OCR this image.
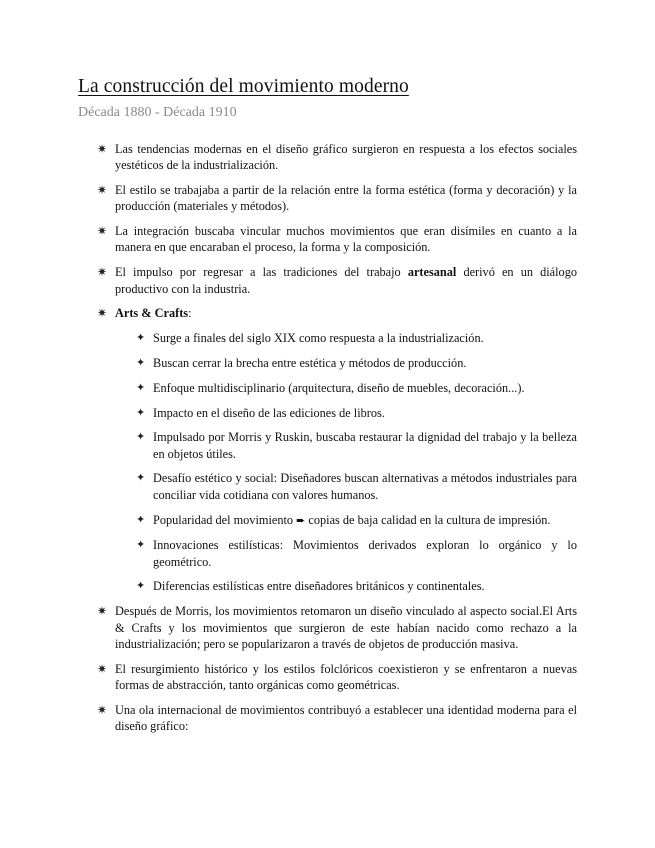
La construcción del movimiento moderno

Década 1880 - Década 1910

✷ Las tendencias modernas en el diseño gráfico surgieron en respuesta a los efectos sociales yestéticos de la industrialización.
✷ El estilo se trabajaba a partir de la relación entre la forma estética (forma y decoración) y la producción (materiales y métodos).
✷ La integración buscaba vincular muchos movimientos que eran disímiles en cuanto a la manera en que encaraban el proceso, la forma y la composición.
✷ El impulso por regresar a las tradiciones del trabajo artesanal derivó en un diálogo productivo con la industria.
✷ Arts & Crafts:
✦ Surge a finales del siglo XIX como respuesta a la industrialización.
✦ Buscan cerrar la brecha entre estética y métodos de producción.
✦ Enfoque multidisciplinario (arquitectura, diseño de muebles, decoración...).
✦ Impacto en el diseño de las ediciones de libros.
✦ Impulsado por Morris y Ruskin, buscaba restaurar la dignidad del trabajo y la belleza en objetos útiles.
✦ Desafío estético y social: Diseñadores buscan alternativas a métodos industriales para conciliar vida cotidiana con valores humanos.
✦ Popularidad del movimiento ➨ copias de baja calidad en la cultura de impresión.
✦ Innovaciones estilísticas: Movimientos derivados exploran lo orgánico y lo geométrico.
✦ Diferencias estilísticas entre diseñadores británicos y continentales.
✷ Después de Morris, los movimientos retomaron un diseño vinculado al aspecto social.El Arts & Crafts y los movimientos que surgieron de este habían nacido como rechazo a la industrialización; pero se popularizaron a través de objetos de producción masiva.
✷ El resurgimiento histórico y los estilos folclóricos coexistieron y se enfrentaron a nuevas formas de abstracción, tanto orgánicas como geométricas.
✷ Una ola internacional de movimientos contribuyó a establecer una identidad moderna para el diseño gráfico:
